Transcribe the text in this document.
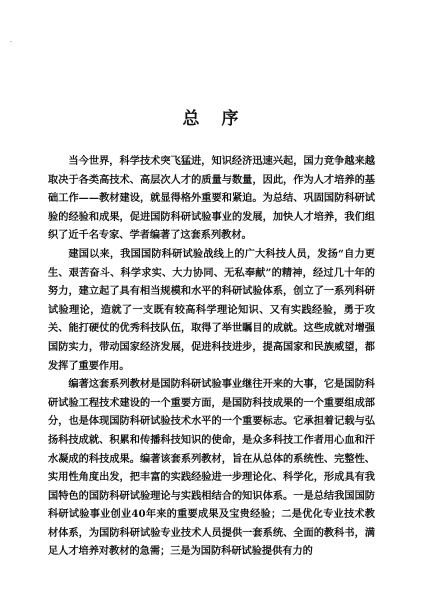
·
总序

当今世界，科学技术突飞猛进，知识经济迅速兴起，国力竞争越来越取决于各类高技术、高层次人才的质量与数量，因此，作为人才培养的基础工作——教材建设，就显得格外重要和紧迫。为总结、巩固国防科研试验的经验和成果，促进国防科研试验事业的发展，加快人才培养，我们组织了近千名专家、学者编著了这套系列教材。

建国以来，我国国防科研试验战线上的广大科技人员，发扬“自力更生、艰苦奋斗、科学求实、大力协同、无私奉献”的精神，经过几十年的努力，建立起了具有相当规模和水平的科研试验体系，创立了一系列科研试验理论，造就了一支既有较高科学理论知识、又有实践经验，勇于攻关、能打硬仗的优秀科技队伍，取得了举世瞩目的成就。这些成就对增强国防实力，带动国家经济发展，促进科技进步，提高国家和民族威望，都发挥了重要作用。

编著这套系列教材是国防科研试验事业继往开来的大事，它是国防科研试验工程技术建设的一个重要方面，是国防科技成果的一个重要组成部分，也是体现国防科研试验技术水平的一个重要标志。它承担着记载与弘扬科技成就、积累和传播科技知识的使命，是众多科技工作者用心血和汗水凝成的科技成果。编著该套系列教材，旨在从总体的系统性、完整性、实用性角度出发，把丰富的实践经验进一步理论化、科学化，形成具有我国特色的国防科研试验理论与实践相结合的知识体系。一是总结我国国防科研试验事业创业40年来的重要成果及宝贵经验；二是优化专业技术教材体系，为国防科研试验专业技术人员提供一套系统、全面的教科书，满足人才培养对教材的急需；三是为国防科研试验提供有力的
